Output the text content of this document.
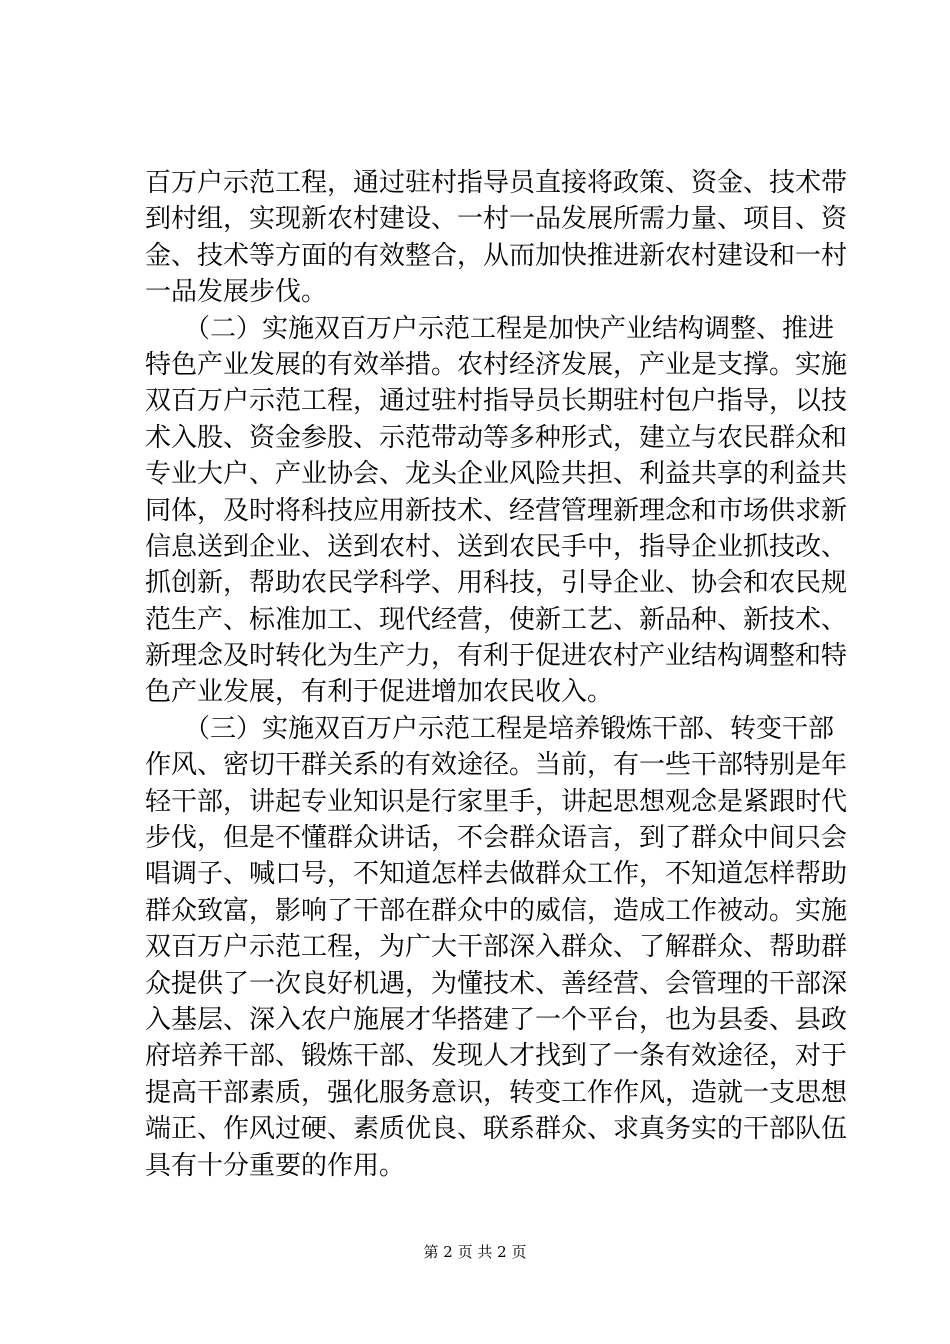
百万户示范工程，通过驻村指导员直接将政策、资金、技术带
到村组，实现新农村建设、一村一品发展所需力量、项目、资
金、技术等方面的有效整合，从而加快推进新农村建设和一村
一品发展步伐。
　　（二）实施双百万户示范工程是加快产业结构调整、推进
特色产业发展的有效举措。农村经济发展，产业是支撑。实施
双百万户示范工程，通过驻村指导员长期驻村包户指导，以技
术入股、资金参股、示范带动等多种形式，建立与农民群众和
专业大户、产业协会、龙头企业风险共担、利益共享的利益共
同体，及时将科技应用新技术、经营管理新理念和市场供求新
信息送到企业、送到农村、送到农民手中，指导企业抓技改、
抓创新，帮助农民学科学、用科技，引导企业、协会和农民规
范生产、标准加工、现代经营，使新工艺、新品种、新技术、
新理念及时转化为生产力，有利于促进农村产业结构调整和特
色产业发展，有利于促进增加农民收入。
　　（三）实施双百万户示范工程是培养锻炼干部、转变干部
作风、密切干群关系的有效途径。当前，有一些干部特别是年
轻干部，讲起专业知识是行家里手，讲起思想观念是紧跟时代
步伐，但是不懂群众讲话，不会群众语言，到了群众中间只会
唱调子、喊口号，不知道怎样去做群众工作，不知道怎样帮助
群众致富，影响了干部在群众中的威信，造成工作被动。实施
双百万户示范工程，为广大干部深入群众、了解群众、帮助群
众提供了一次良好机遇，为懂技术、善经营、会管理的干部深
入基层、深入农户施展才华搭建了一个平台，也为县委、县政
府培养干部、锻炼干部、发现人才找到了一条有效途径，对于
提高干部素质，强化服务意识，转变工作作风，造就一支思想
端正、作风过硬、素质优良、联系群众、求真务实的干部队伍
具有十分重要的作用。
第 2 页 共 2 页
